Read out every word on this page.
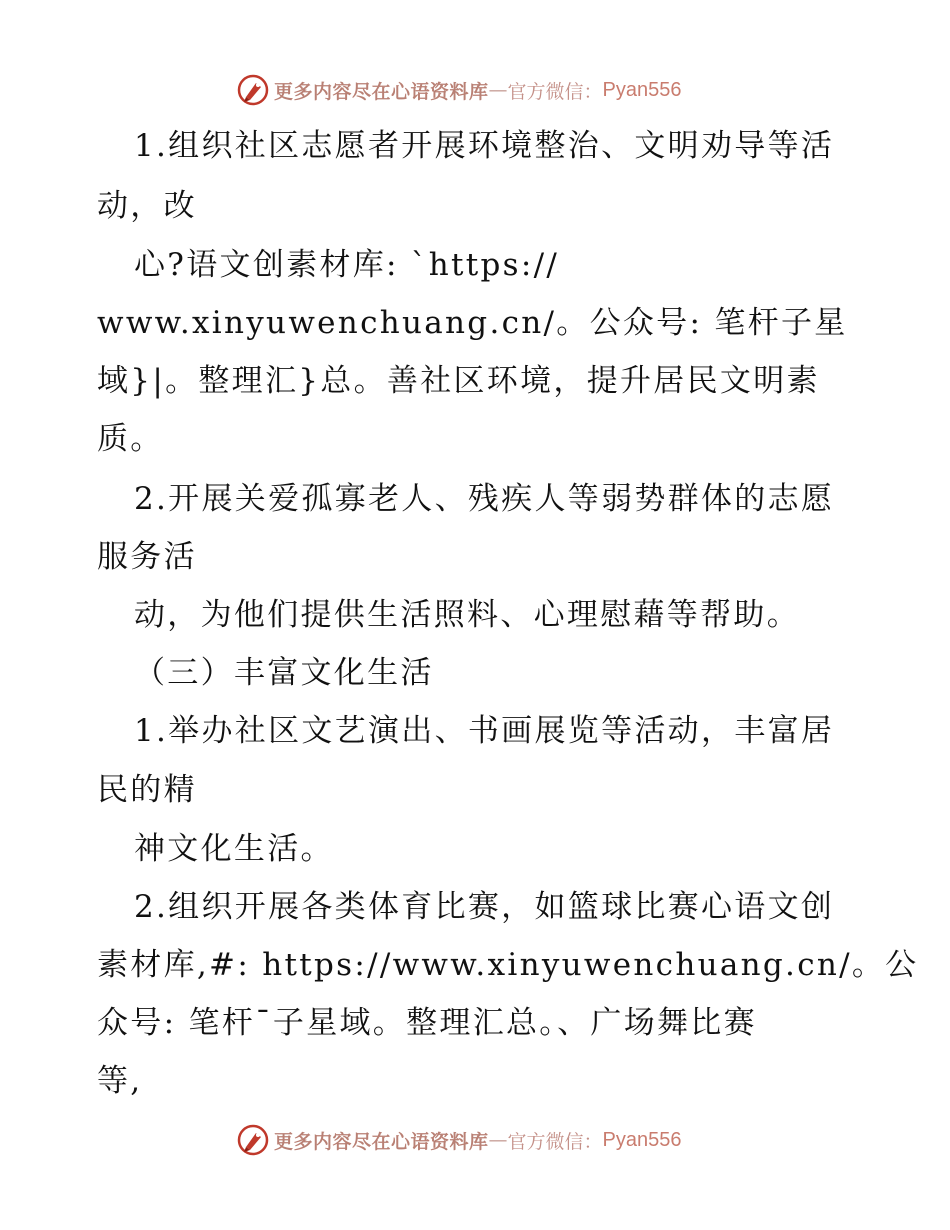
更多内容尽在心语资料库 — 官方微信： Pyan556
1.组织社区志愿者开展环境整治、文明劝导等活
动，改
心?语文创素材库: `https://
www.xinyuwenchuang.cn/。公众号: 笔杆子星
域}|。整理汇}总。善社区环境，提升居民文明素
质。
2.开展关爱孤寡老人、残疾人等弱势群体的志愿
服务活
动，为他们提供生活照料、心理慰藉等帮助。
（三）丰富文化生活
1.举办社区文艺演出、书画展览等活动，丰富居
民的精
神文化生活。
2.组织开展各类体育比赛，如篮球比赛心语文创
素材库,#: https://www.xinyuwenchuang.cn/。公
众号: 笔杆¯子星域。整理汇总。、广场舞比赛
等,
更多内容尽在心语资料库 — 官方微信： Pyan556
